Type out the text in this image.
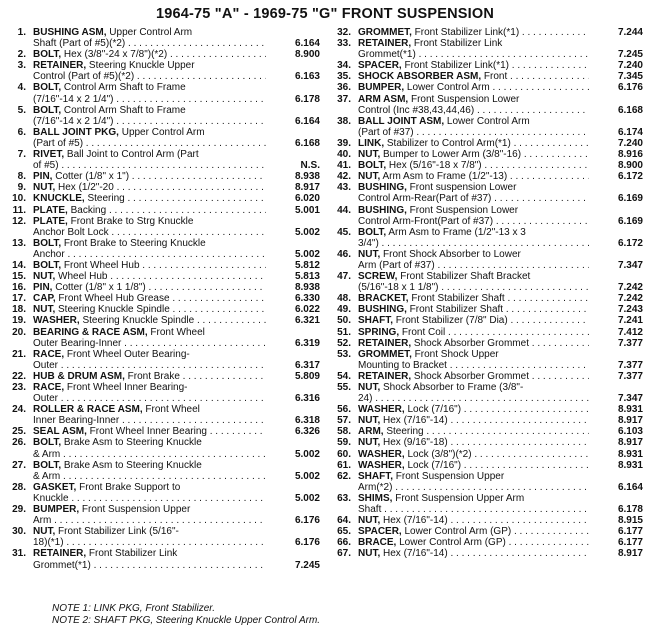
1964-75 "A" - 1969-75 "G" FRONT SUSPENSION
1. BUSHING ASM, Upper Control Arm
Shaft (Part of #5)(*2) . . .	6.164
2. BOLT, Hex (3/8"-24 x 7/8")(*2) . . .	8.900
3. RETAINER, Steering Knuckle Upper
Control (Part of #5)(*2) . . .	6.163
4. BOLT, Control Arm Shaft to Frame
(7/16"-14 x 2 1/4") . . .	6.178
5. BOLT, Control Arm Shaft to Frame
(7/16"-14 x 2 1/4") . . .	6.164
6. BALL JOINT PKG, Upper Control Arm
(Part of #5) . . .	6.168
7. RIVET, Ball Joint to Control Arm (Part
of #5) . . .	N.S.
8. PIN, Cotter (1/8" x 1") . . .	8.938
9. NUT, Hex (1/2"-20 . . .	8.917
10. KNUCKLE, Steering . . .	6.020
11. PLATE, Backing . . .	5.001
12. PLATE, Front Brake to Strg Knuckle
Anchor Bolt Lock . . .	5.002
13. BOLT, Front Brake to Steering Knuckle
Anchor . . .	5.002
14. BOLT, Front Wheel Hub . . .	5.812
15. NUT, Wheel Hub . . .	5.813
16. PIN, Cotter (1/8" x 1 1/8") . . .	8.938
17. CAP, Front Wheel Hub Grease . . .	6.330
18. NUT, Steering Knuckle Spindle . . .	6.022
19. WASHER, Steering Knuckle Spindle . . .	6.321
20. BEARING & RACE ASM, Front Wheel
Outer Bearing-Inner . . .	6.319
21. RACE, Front Wheel Outer Bearing-
Outer . . .	6.317
22. HUB & DRUM ASM, Front Brake . . .	5.809
23. RACE, Front Wheel Inner Bearing-
Outer . . .	6.316
24. ROLLER & RACE ASM, Front Wheel
Inner Bearing-Inner . . .	6.318
25. SEAL ASM, Front Wheel Inner Bearing . . .	6.326
26. BOLT, Brake Asm to Steering Knuckle
& Arm . . .	5.002
27. BOLT, Brake Asm to Steering Knuckle
& Arm . . .	5.002
28. GASKET, Front Brake Support to
Knuckle . . .	5.002
29. BUMPER, Front Suspension Upper
Arm . . .	6.176
30. NUT, Front Stabilizer Link (5/16"-
18)(*1) . . .	6.176
31. RETAINER, Front Stabilizer Link
Grommet(*1) . . .	7.245
32. GROMMET, Front Stabilizer Link(*1) . . .	7.244
33. RETAINER, Front Stabilizer Link
Grommet(*1) . . .	7.245
34. SPACER, Front Stabilizer Link(*1) . . .	7.240
35. SHOCK ABSORBER ASM, Front . . .	7.345
36. BUMPER, Lower Control Arm . . .	6.176
37. ARM ASM, Front Suspension Lower
Control (Inc #38,43,44,46) . . .	6.168
38. BALL JOINT ASM, Lower Control Arm
(Part of #37) . . .	6.174
39. LINK, Stabilizer to Control Arm(*1) . . .	7.240
40. NUT, Bumper to Lower Arm (3/8"-16) . . .	8.916
41. BOLT, Hex (5/16"-18 x 7/8") . . .	8.900
42. NUT, Arm Asm to Frame (1/2"-13) . . .	6.172
43. BUSHING, Front suspension Lower
Control Arm-Rear(Part of #37) . . .	6.169
44. BUSHING, Front Suspension Lower
Control Arm-Front(Part of #37) . . .	6.169
45. BOLT, Arm Asm to Frame (1/2"-13 x 3
3/4") . . .	6.172
46. NUT, Front Shock Absorber to Lower
Arm (Part of #37) . . .	7.347
47. SCREW, Front Stabilizer Shaft Bracket
(5/16"-18 x 1 1/8") . . .	7.242
48. BRACKET, Front Stabilizer Shaft . . .	7.242
49. BUSHING, Front Stabilizer Shaft . . .	7.243
50. SHAFT, Front Stabilizer (7/8" Dia) . . .	7.241
51. SPRING, Front Coil . . .	7.412
52. RETAINER, Shock Absorber Grommet . . .	7.377
53. GROMMET, Front Shock Upper
Mounting to Bracket . . .	7.377
54. RETAINER, Shock Absorber Grommet . . .	7.377
55. NUT, Shock Absorber to Frame (3/8"-
24) . . .	7.347
56. WASHER, Lock (7/16") . . .	8.931
57. NUT, Hex (7/16"-14) . . .	8.917
58. ARM, Steering . . .	6.103
59. NUT, Hex (9/16"-18) . . .	8.917
60. WASHER, Lock (3/8")(*2) . . .	8.931
61. WASHER, Lock (7/16") . . .	8.931
62. SHAFT, Front Suspension Upper
Arm(*2) . . .	6.164
63. SHIMS, Front Suspension Upper Arm
Shaft . . .	6.178
64. NUT, Hex (7/16"-14) . . .	8.915
65. SPACER, Lower Control Arm (GP) . . .	6.177
66. BRACE, Lower Control Arm (GP) . . .	6.177
67. NUT, Hex (7/16"-14) . . .	8.917
NOTE 1: LINK PKG, Front Stabilizer.
NOTE 2: SHAFT PKG, Steering Knuckle Upper Control Arm.
